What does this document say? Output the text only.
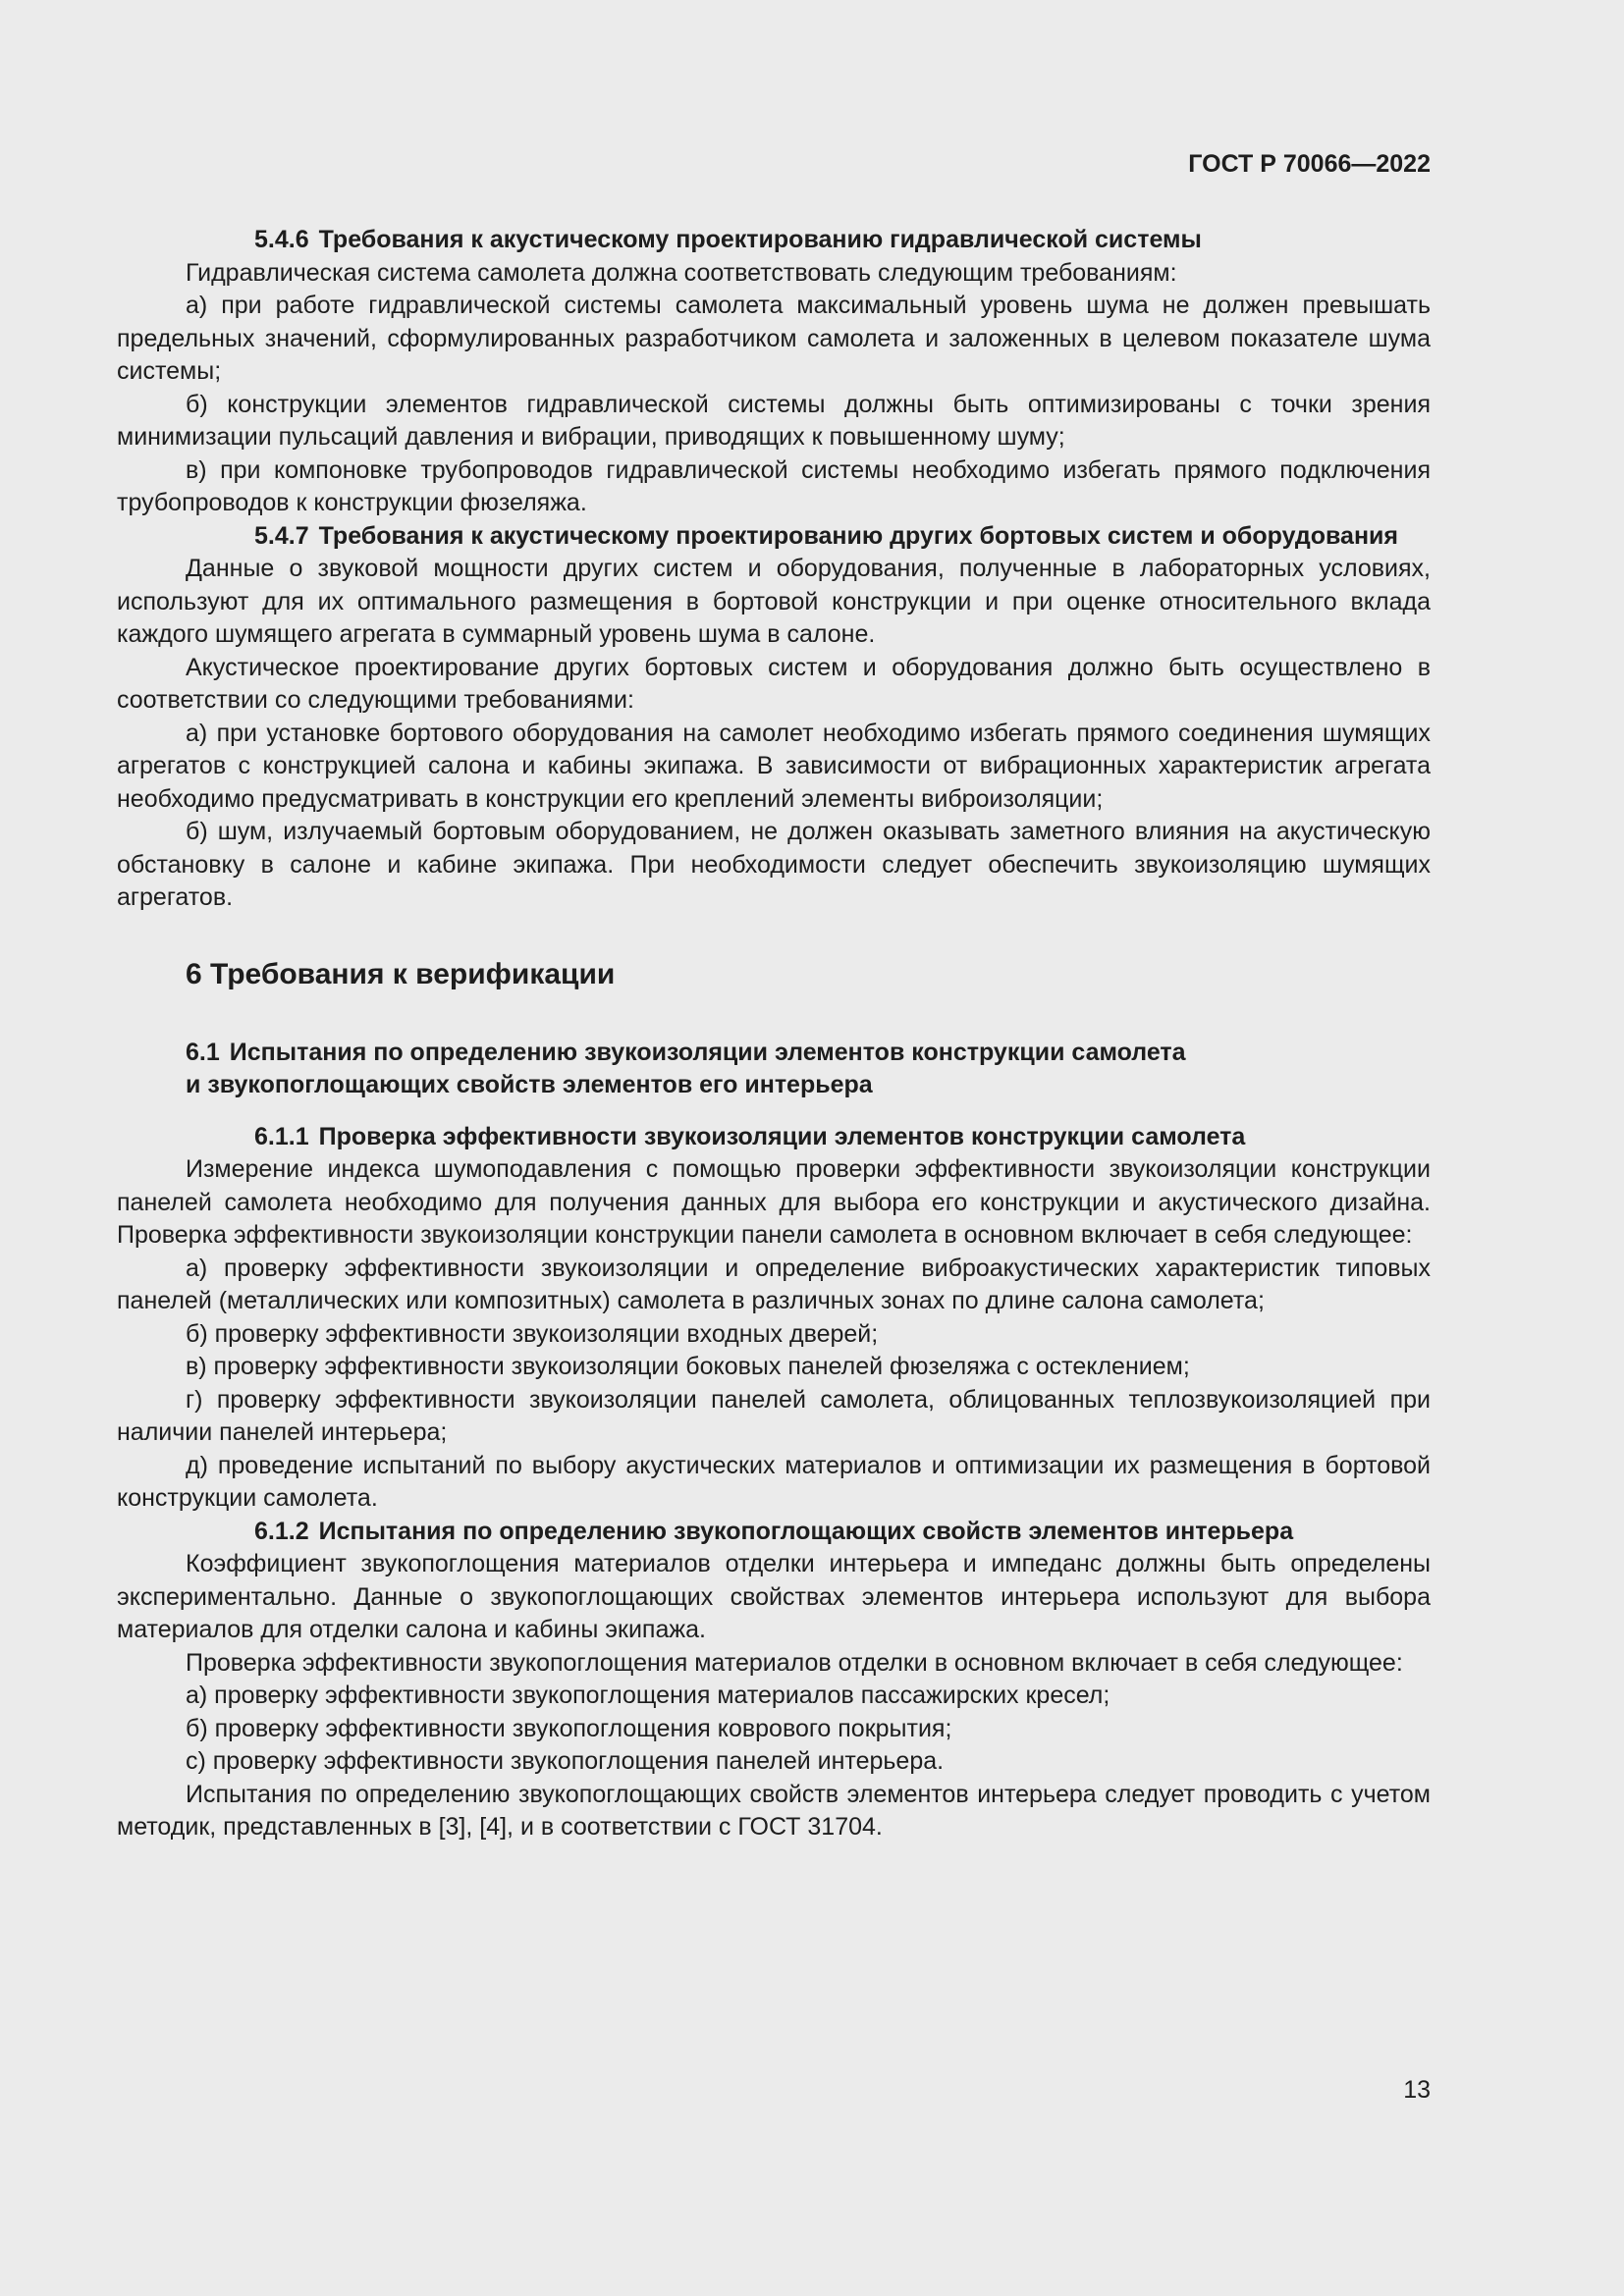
ГОСТ Р 70066—2022

5.4.6 Требования к акустическому проектированию гидравлической системы

Гидравлическая система самолета должна соответствовать следующим требованиям:

а) при работе гидравлической системы самолета максимальный уровень шума не должен превышать предельных значений, сформулированных разработчиком самолета и заложенных в целевом показателе шума системы;

б) конструкции элементов гидравлической системы должны быть оптимизированы с точки зрения минимизации пульсаций давления и вибрации, приводящих к повышенному шуму;

в) при компоновке трубопроводов гидравлической системы необходимо избегать прямого подключения трубопроводов к конструкции фюзеляжа.

5.4.7 Требования к акустическому проектированию других бортовых систем и оборудования

Данные о звуковой мощности других систем и оборудования, полученные в лабораторных условиях, используют для их оптимального размещения в бортовой конструкции и при оценке относительного вклада каждого шумящего агрегата в суммарный уровень шума в салоне.

Акустическое проектирование других бортовых систем и оборудования должно быть осуществлено в соответствии со следующими требованиями:

а) при установке бортового оборудования на самолет необходимо избегать прямого соединения шумящих агрегатов с конструкцией салона и кабины экипажа. В зависимости от вибрационных характеристик агрегата необходимо предусматривать в конструкции его креплений элементы виброизоляции;

б) шум, излучаемый бортовым оборудованием, не должен оказывать заметного влияния на акустическую обстановку в салоне и кабине экипажа. При необходимости следует обеспечить звукоизоляцию шумящих агрегатов.

6 Требования к верификации
6.1 Испытания по определению звукоизоляции элементов конструкции самолета
и звукопоглощающих свойств элементов его интерьера

6.1.1 Проверка эффективности звукоизоляции элементов конструкции самолета

Измерение индекса шумоподавления с помощью проверки эффективности звукоизоляции конструкции панелей самолета необходимо для получения данных для выбора его конструкции и акустического дизайна. Проверка эффективности звукоизоляции конструкции панели самолета в основном включает в себя следующее:

а) проверку эффективности звукоизоляции и определение виброакустических характеристик типовых панелей (металлических или композитных) самолета в различных зонах по длине салона самолета;

б) проверку эффективности звукоизоляции входных дверей;

в) проверку эффективности звукоизоляции боковых панелей фюзеляжа с остеклением;

г) проверку эффективности звукоизоляции панелей самолета, облицованных теплозвукоизоляцией при наличии панелей интерьера;

д) проведение испытаний по выбору акустических материалов и оптимизации их размещения в бортовой конструкции самолета.

6.1.2 Испытания по определению звукопоглощающих свойств элементов интерьера

Коэффициент звукопоглощения материалов отделки интерьера и импеданс должны быть определены экспериментально. Данные о звукопоглощающих свойствах элементов интерьера используют для выбора материалов для отделки салона и кабины экипажа.

Проверка эффективности звукопоглощения материалов отделки в основном включает в себя следующее:

а) проверку эффективности звукопоглощения материалов пассажирских кресел;

б) проверку эффективности звукопоглощения коврового покрытия;

с) проверку эффективности звукопоглощения панелей интерьера.

Испытания по определению звукопоглощающих свойств элементов интерьера следует проводить с учетом методик, представленных в [3], [4], и в соответствии с ГОСТ 31704.

13
